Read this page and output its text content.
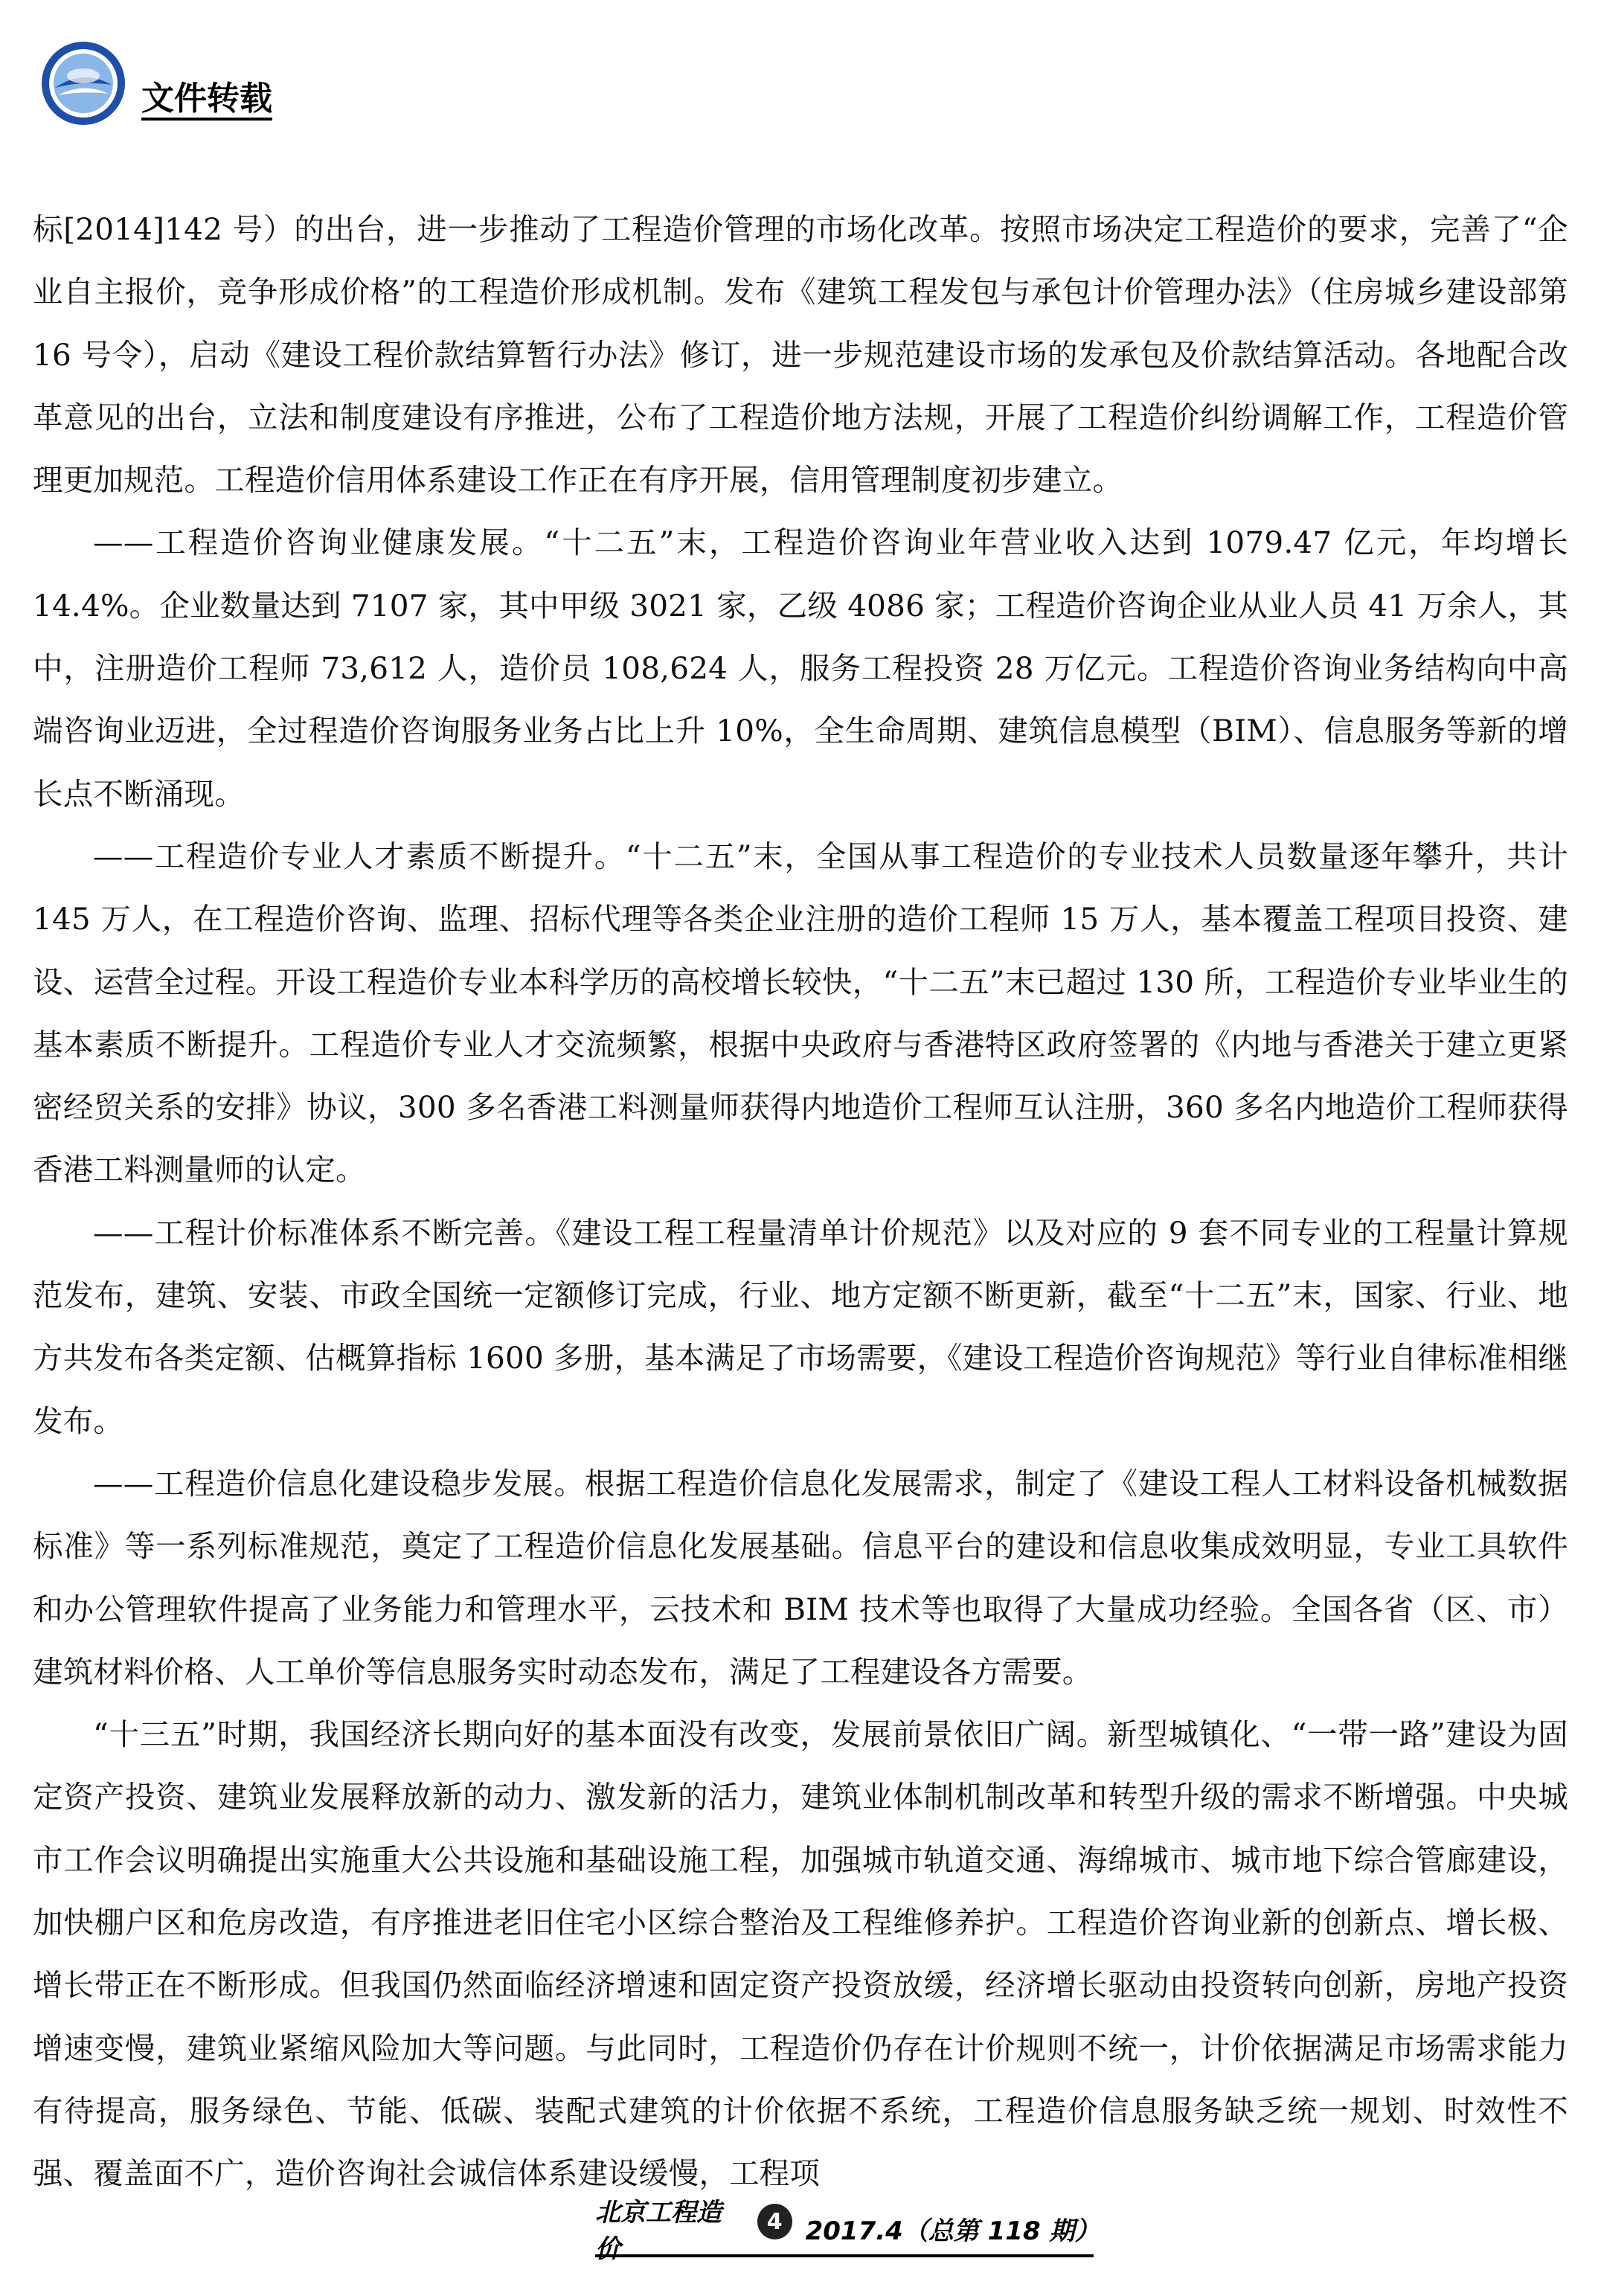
文件转载

标[2014]142 号）的出台，进一步推动了工程造价管理的市场化改革。按照市场决定工程造价的要求，完善了“企业自主报价，竞争形成价格”的工程造价形成机制。发布《建筑工程发包与承包计价管理办法》（住房城乡建设部第 16 号令），启动《建设工程价款结算暂行办法》修订，进一步规范建设市场的发承包及价款结算活动。各地配合改革意见的出台，立法和制度建设有序推进，公布了工程造价地方法规，开展了工程造价纠纷调解工作，工程造价管理更加规范。工程造价信用体系建设工作正在有序开展，信用管理制度初步建立。

——工程造价咨询业健康发展。“十二五”末，工程造价咨询业年营业收入达到 1079.47 亿元，年均增长 14.4%。企业数量达到 7107 家，其中甲级 3021 家，乙级 4086 家；工程造价咨询企业从业人员 41 万余人，其中，注册造价工程师 73,612 人，造价员 108,624 人，服务工程投资 28 万亿元。工程造价咨询业务结构向中高端咨询业迈进，全过程造价咨询服务业务占比上升 10%，全生命周期、建筑信息模型（BIM）、信息服务等新的增长点不断涌现。

——工程造价专业人才素质不断提升。“十二五”末，全国从事工程造价的专业技术人员数量逐年攀升，共计 145 万人，在工程造价咨询、监理、招标代理等各类企业注册的造价工程师 15 万人，基本覆盖工程项目投资、建设、运营全过程。开设工程造价专业本科学历的高校增长较快，“十二五”末已超过 130 所，工程造价专业毕业生的基本素质不断提升。工程造价专业人才交流频繁，根据中央政府与香港特区政府签署的《内地与香港关于建立更紧密经贸关系的安排》协议，300 多名香港工料测量师获得内地造价工程师互认注册，360 多名内地造价工程师获得香港工料测量师的认定。

——工程计价标准体系不断完善。《建设工程工程量清单计价规范》以及对应的 9 套不同专业的工程量计算规范发布，建筑、安装、市政全国统一定额修订完成，行业、地方定额不断更新，截至“十二五”末，国家、行业、地方共发布各类定额、估概算指标 1600 多册，基本满足了市场需要，《建设工程造价咨询规范》等行业自律标准相继发布。

——工程造价信息化建设稳步发展。根据工程造价信息化发展需求，制定了《建设工程人工材料设备机械数据标准》等一系列标准规范，奠定了工程造价信息化发展基础。信息平台的建设和信息收集成效明显，专业工具软件和办公管理软件提高了业务能力和管理水平，云技术和 BIM 技术等也取得了大量成功经验。全国各省（区、市）建筑材料价格、人工单价等信息服务实时动态发布，满足了工程建设各方需要。

“十三五”时期，我国经济长期向好的基本面没有改变，发展前景依旧广阔。新型城镇化、“一带一路”建设为固定资产投资、建筑业发展释放新的动力、激发新的活力，建筑业体制机制改革和转型升级的需求不断增强。中央城市工作会议明确提出实施重大公共设施和基础设施工程，加强城市轨道交通、海绵城市、城市地下综合管廊建设，加快棚户区和危房改造，有序推进老旧住宅小区综合整治及工程维修养护。工程造价咨询业新的创新点、增长极、增长带正在不断形成。但我国仍然面临经济增速和固定资产投资放缓，经济增长驱动由投资转向创新，房地产投资增速变慢，建筑业紧缩风险加大等问题。与此同时，工程造价仍存在计价规则不统一，计价依据满足市场需求能力有待提高，服务绿色、节能、低碳、装配式建筑的计价依据不系统，工程造价信息服务缺乏统一规划、时效性不强、覆盖面不广，造价咨询社会诚信体系建设缓慢，工程项

北京工程造价
4 2017.4（总第 118 期）
